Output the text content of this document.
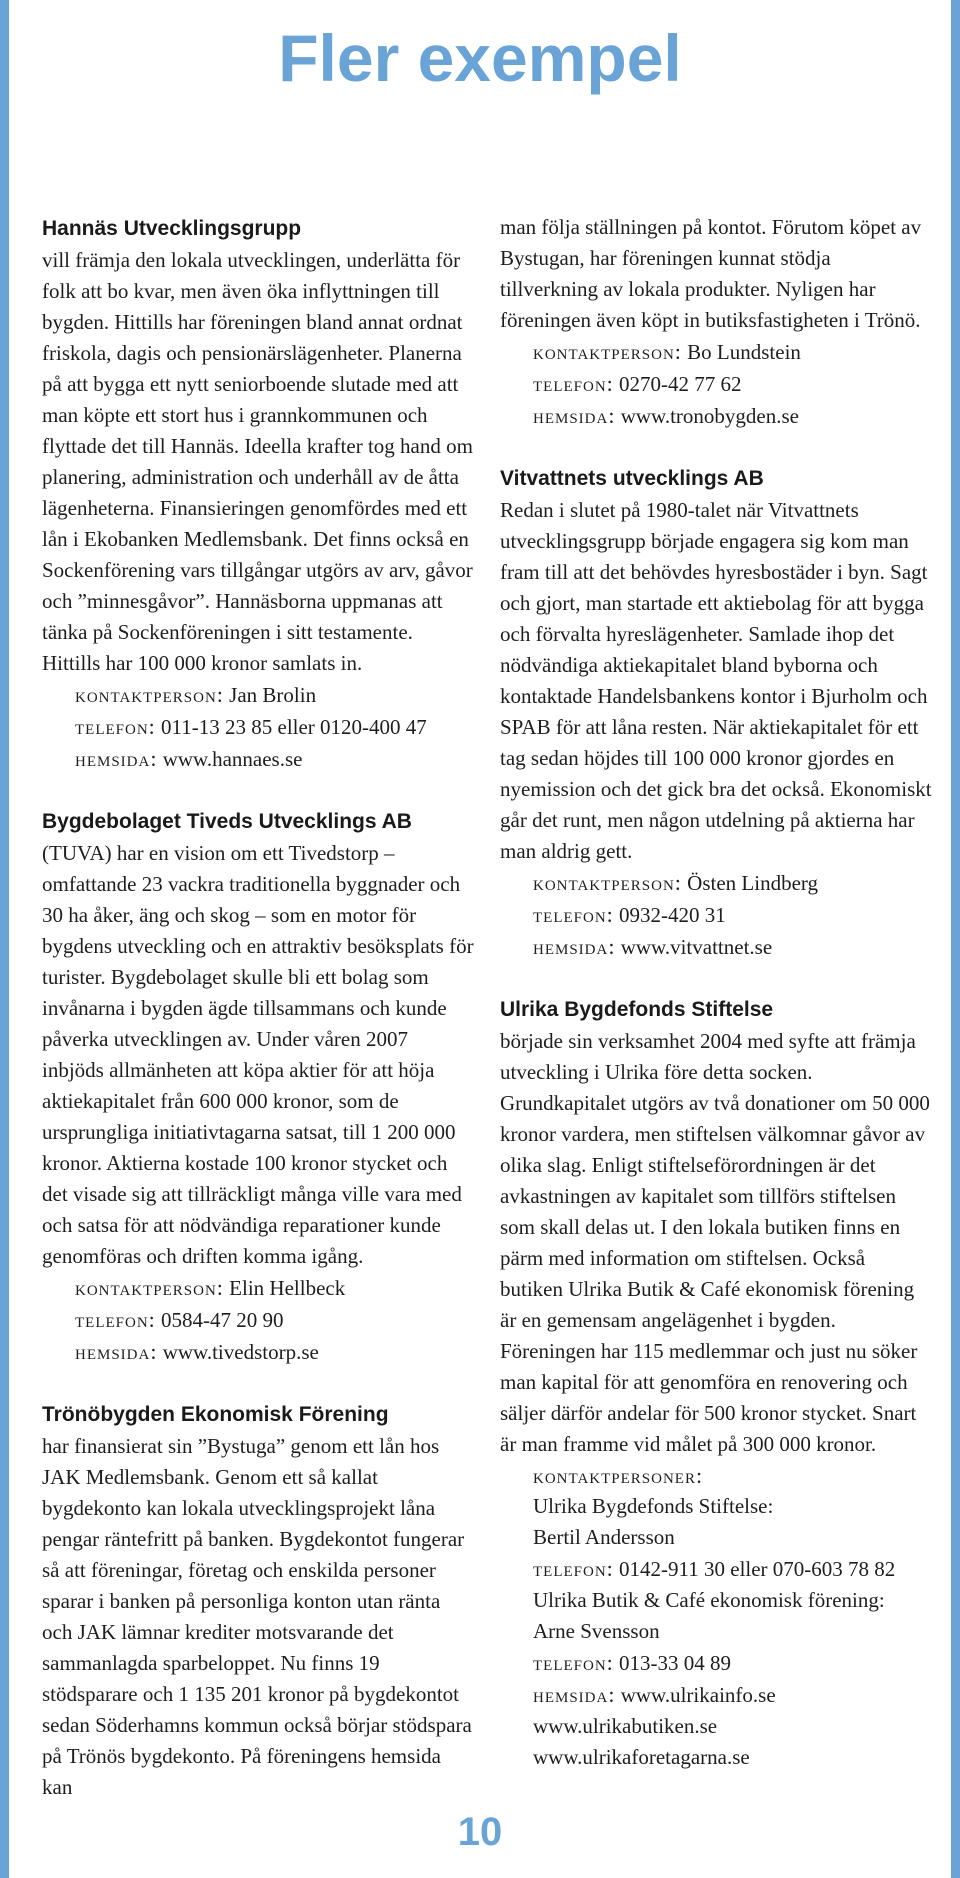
Fler exempel
Hannäs Utvecklingsgrupp

vill främja den lokala utvecklingen, underlätta för folk att bo kvar, men även öka inflyttningen till bygden. Hittills har föreningen bland annat ordnat friskola, dagis och pensionärslägenheter. Planerna på att bygga ett nytt seniorboende slutade med att man köpte ett stort hus i grannkommunen och flyttade det till Hannäs. Ideella krafter tog hand om planering, administration och underhåll av de åtta lägenheterna. Finansieringen genomfördes med ett lån i Ekobanken Medlemsbank. Det finns också en Sockenförening vars tillgångar utgörs av arv, gåvor och ”minnesgåvor”. Hannäsborna uppmanas att tänka på Sockenföreningen i sitt testamente. Hittills har 100 000 kronor samlats in.

kontaktperson: Jan Brolin
telefon: 011-13 23 85 eller 0120-400 47
hemsida: www.hannaes.se
Bygdebolaget Tiveds Utvecklings AB

(TUVA) har en vision om ett Tivedstorp – omfattande 23 vackra traditionella byggnader och 30 ha åker, äng och skog – som en motor för bygdens utveckling och en attraktiv besöksplats för turister. Bygdebolaget skulle bli ett bolag som invånarna i bygden ägde tillsammans och kunde påverka utvecklingen av. Under våren 2007 inbjöds allmänheten att köpa aktier för att höja aktiekapitalet från 600 000 kronor, som de ursprungliga initiativtagarna satsat, till 1 200 000 kronor. Aktierna kostade 100 kronor stycket och det visade sig att tillräckligt många ville vara med och satsa för att nödvändiga reparationer kunde genomföras och driften komma igång.

kontaktperson: Elin Hellbeck
telefon: 0584-47 20 90
hemsida: www.tivedstorp.se
Trönöbygden Ekonomisk Förening

har finansierat sin ”Bystuga” genom ett lån hos JAK Medlemsbank. Genom ett så kallat bygdekonto kan lokala utvecklingsprojekt låna pengar räntefritt på banken. Bygdekontot fungerar så att föreningar, företag och enskilda personer sparar i banken på personliga konton utan ränta och JAK lämnar krediter motsvarande det sammanlagda sparbeloppet. Nu finns 19 stödsparare och 1 135 201 kronor på bygdekontot sedan Söderhamns kommun också börjar stödspara på Trönös bygdekonto. På föreningens hemsida kan

man följa ställningen på kontot. Förutom köpet av Bystugan, har föreningen kunnat stödja tillverkning av lokala produkter. Nyligen har föreningen även köpt in butiksfastigheten i Trönö.

kontaktperson: Bo Lundstein
telefon: 0270-42 77 62
hemsida: www.tronobygden.se
Vitvattnets utvecklings AB

Redan i slutet på 1980-talet när Vitvattnets utvecklingsgrupp började engagera sig kom man fram till att det behövdes hyresbostäder i byn. Sagt och gjort, man startade ett aktiebolag för att bygga och förvalta hyreslägenheter. Samlade ihop det nödvändiga aktiekapitalet bland byborna och kontaktade Handelsbankens kontor i Bjurholm och SPAB för att låna resten. När aktiekapitalet för ett tag sedan höjdes till 100 000 kronor gjordes en nyemission och det gick bra det också. Ekonomiskt går det runt, men någon utdelning på aktierna har man aldrig gett.

kontaktperson: Östen Lindberg
telefon: 0932-420 31
hemsida: www.vitvattnet.se
Ulrika Bygdefonds Stiftelse

började sin verksamhet 2004 med syfte att främja utveckling i Ulrika före detta socken. Grundkapitalet utgörs av två donationer om 50 000 kronor vardera, men stiftelsen välkomnar gåvor av olika slag. Enligt stiftelseförordningen är det avkastningen av kapitalet som tillförs stiftelsen som skall delas ut. I den lokala butiken finns en pärm med information om stiftelsen. Också butiken Ulrika Butik & Café ekonomisk förening är en gemensam angelägenhet i bygden. Föreningen har 115 medlemmar och just nu söker man kapital för att genomföra en renovering och säljer därför andelar för 500 kronor stycket. Snart är man framme vid målet på 300 000 kronor.

kontaktpersoner:
Ulrika Bygdefonds Stiftelse:
Bertil Andersson
telefon: 0142-911 30 eller 070-603 78 82
Ulrika Butik & Café ekonomisk förening:
Arne Svensson
telefon: 013-33 04 89
hemsida: www.ulrikainfo.se
www.ulrikabutiken.se
www.ulrikaforetagarna.se
10
